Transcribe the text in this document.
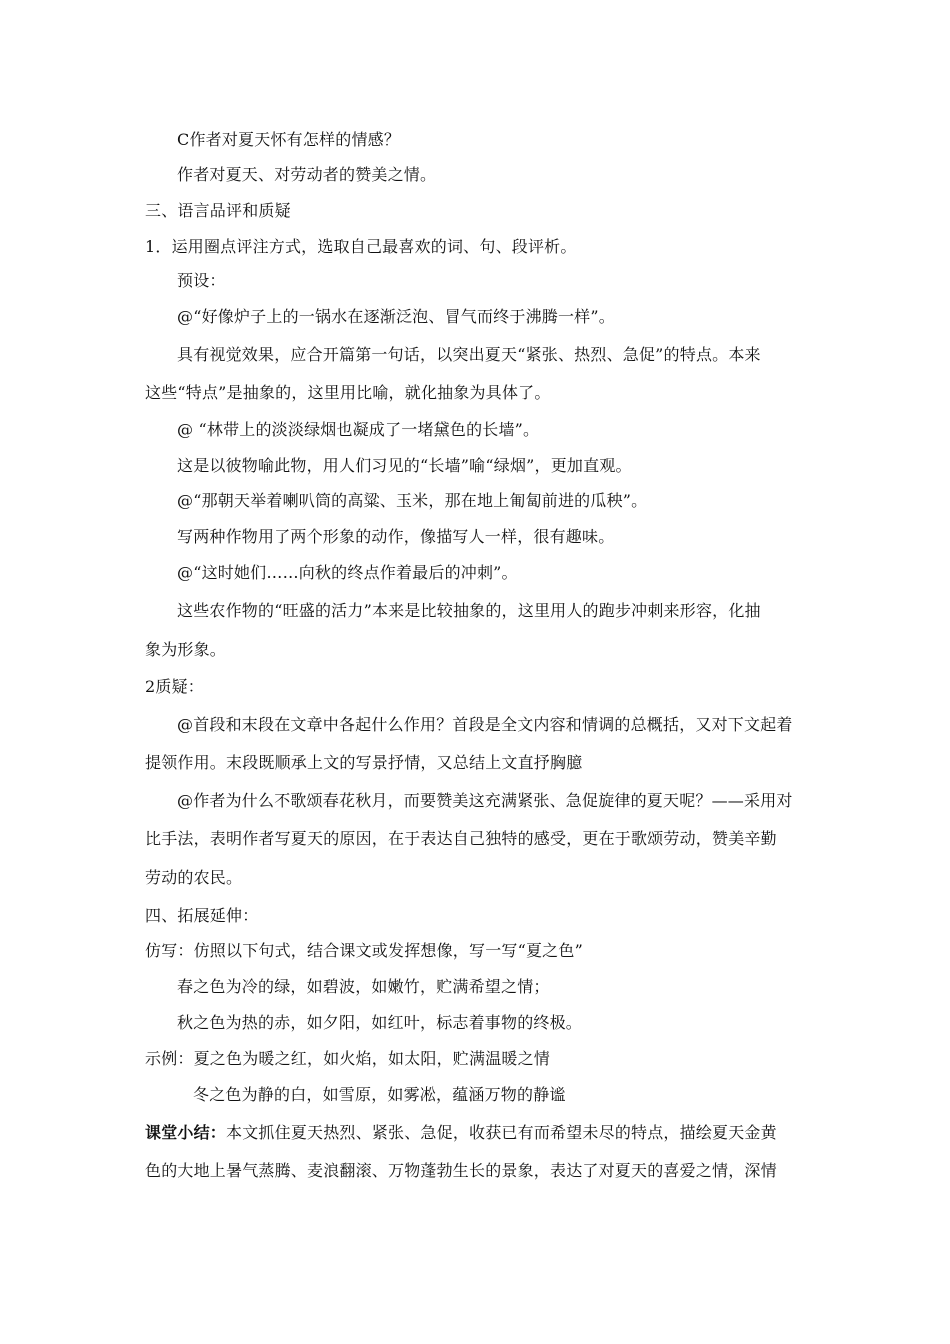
C作者对夏天怀有怎样的情感？
作者对夏天、对劳动者的赞美之情。
三、语言品评和质疑
1．运用圈点评注方式，选取自己最喜欢的词、句、段评析。
预设：
@“好像炉子上的一锅水在逐渐泛泡、冒气而终于沸腾一样”。
具有视觉效果，应合开篇第一句话，以突出夏天“紧张、热烈、急促”的特点。本来
这些“特点”是抽象的，这里用比喻，就化抽象为具体了。
@ “林带上的淡淡绿烟也凝成了一堵黛色的长墙”。
这是以彼物喻此物，用人们习见的“长墙”喻“绿烟”，更加直观。
@“那朝天举着喇叭筒的高粱、玉米，那在地上匍匐前进的瓜秧”。
写两种作物用了两个形象的动作，像描写人一样，很有趣味。
@“这时她们……向秋的终点作着最后的冲刺”。
这些农作物的“旺盛的活力”本来是比较抽象的，这里用人的跑步冲刺来形容，化抽
象为形象。
2质疑：
@首段和末段在文章中各起什么作用？首段是全文内容和情调的总概括，又对下文起着
提领作用。末段既顺承上文的写景抒情，又总结上文直抒胸臆
@作者为什么不歌颂春花秋月，而要赞美这充满紧张、急促旋律的夏天呢？——采用对
比手法，表明作者写夏天的原因，在于表达自己独特的感受，更在于歌颂劳动，赞美辛勤
劳动的农民。
四、拓展延伸：
仿写：仿照以下句式，结合课文或发挥想像，写一写“夏之色”
春之色为冷的绿，如碧波，如嫩竹，贮满希望之情；
秋之色为热的赤，如夕阳，如红叶，标志着事物的终极。
示例：夏之色为暖之红，如火焰，如太阳，贮满温暖之情
冬之色为静的白，如雪原，如雾凇，蕴涵万物的静谧
课堂小结：本文抓住夏天热烈、紧张、急促，收获已有而希望未尽的特点，描绘夏天金黄
色的大地上暑气蒸腾、麦浪翻滚、万物蓬勃生长的景象，表达了对夏天的喜爱之情，深情
